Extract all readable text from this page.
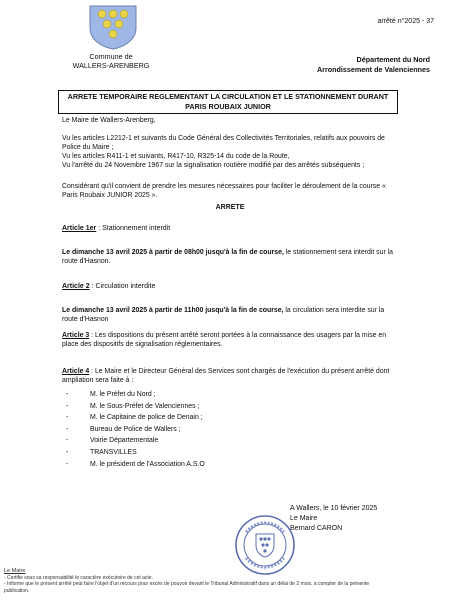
Commune de
WALLERS-ARENBERG
arrêté n°2025 - 37
Département du Nord
Arrondissement de Valenciennes
ARRETE TEMPORAIRE REGLEMENTANT LA CIRCULATION ET LE STATIONNEMENT DURANT
PARIS ROUBAIX JUNIOR
Le Maire de Wallers-Arenberg,
Vu les articles L2212-1 et suivants du Code Général des Collectivités Territoriales, relatifs aux pouvoirs de Police du Maire ;
Vu les articles R411-1 et suivants, R417-10, R325-14 du code de la Route,
Vu l'arrêté du 24 Novembre 1967 sur la signalisation routière modifié par des arrêtés subséquents ;
Considérant qu'il convient de prendre les mesures nécessaires pour faciliter le déroulement de la course « Paris Roubaix JUNIOR 2025 ».
ARRETE
Article 1er : Stationnement interdit
Le dimanche 13 avril 2025 à partir de 08h00 jusqu'à la fin de course, le stationnement sera interdit sur la route d'Hasnon.
Article 2 : Circulation interdite
Le dimanche 13 avril 2025 à partir de 11h00 jusqu'à la fin de course, la circulation sera interdite sur la route d'Hasnon
Article 3 : Les dispositions du présent arrêté seront portées à la connaissance des usagers par la mise en place des dispositifs de signalisation réglementaires.
Article 4 : Le Maire et le Directeur Général des Services sont chargés de l'exécution du présent arrêté dont ampliation sera faite à :
- M. le Préfet du Nord ;
- M. le Sous-Préfet de Valenciennes ;
- M. le Capitaine de police de Denain ;
- Bureau de Police de Wallers ;
- Voirie Départementale
- TRANSVILLES
- M. le président de l'Association A.S.O
A Wallers, le 10 février 2025
Le Maire
Bernard CARON
Le Maire
- Certifie sous sa responsabilité le caractère exécutoire de cet acte.
- Informe que le présent arrêté peut faire l'objet d'un recours pour excès de pouvoir devant le Tribunal Administratif dans un délai de 2 mois, à compter de la présente publication.
